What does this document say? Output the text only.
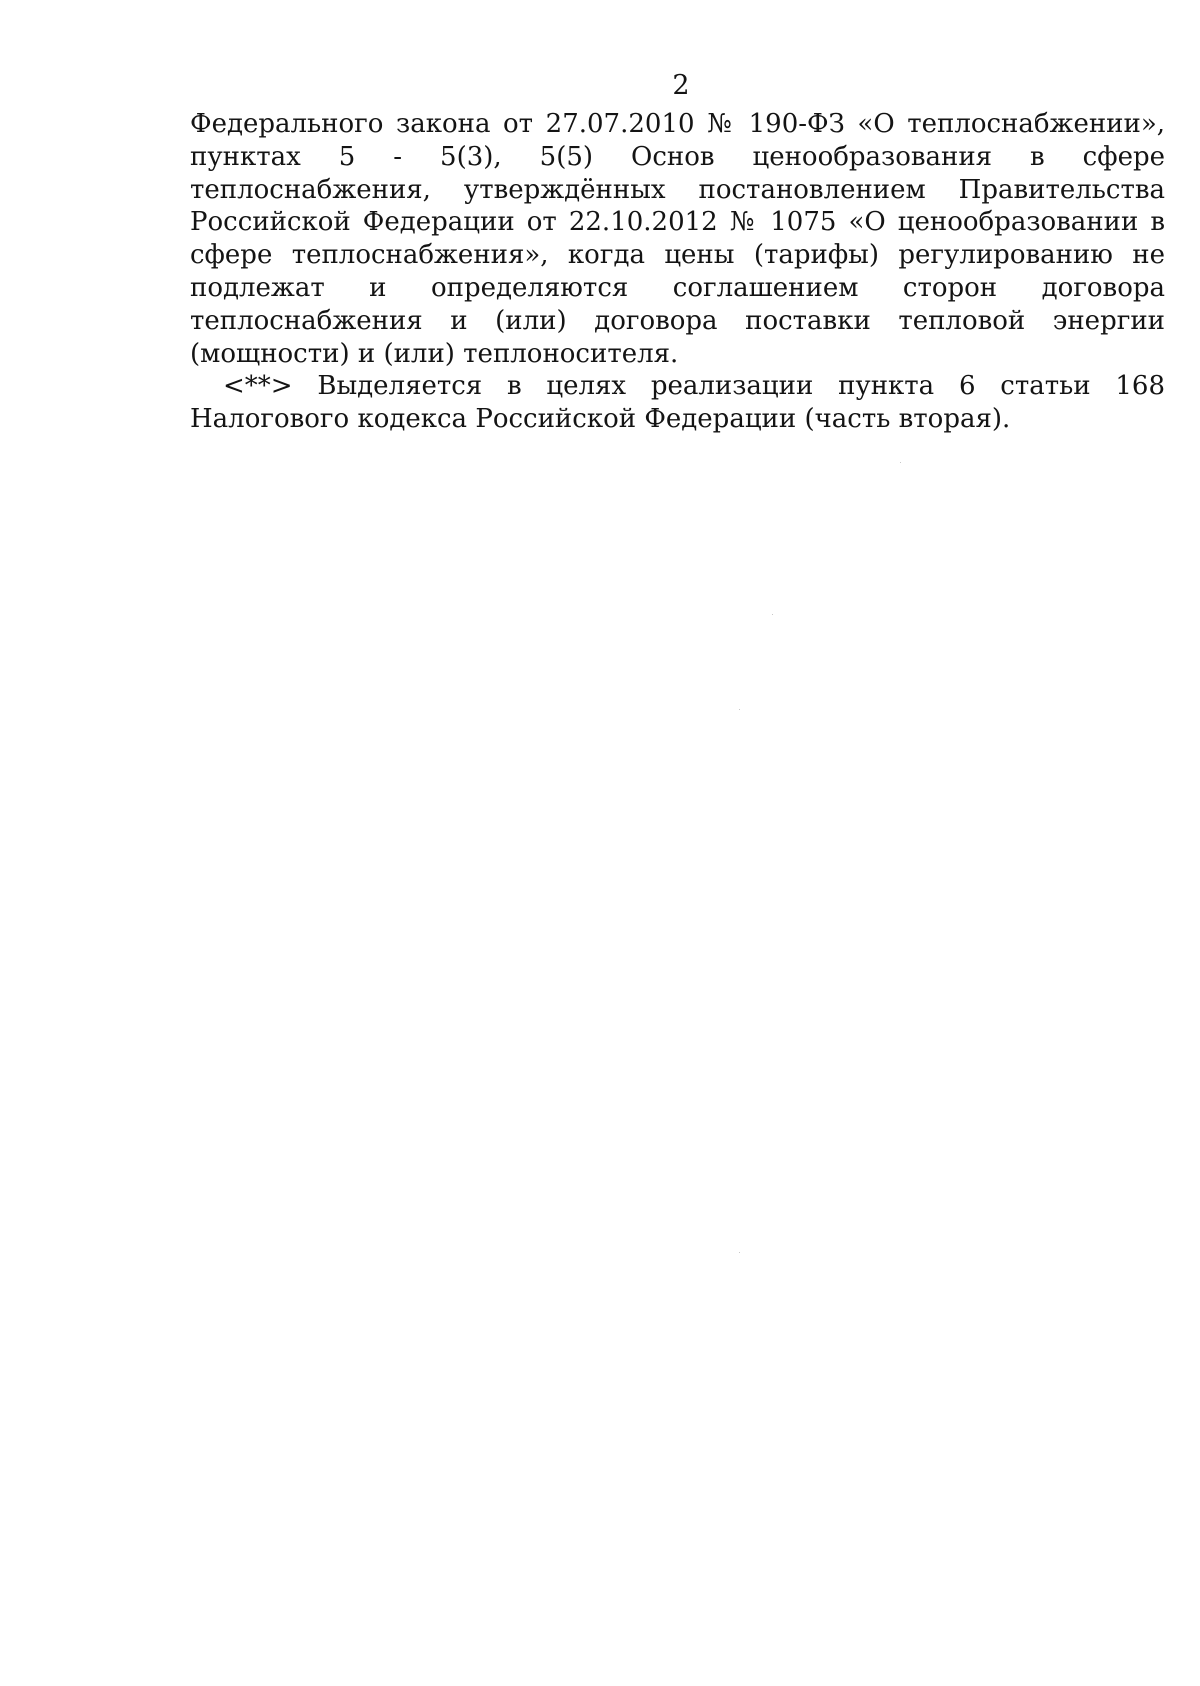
2

Федерального закона от 27.07.2010 № 190-ФЗ «О теплоснабжении», пунктах 5 - 5(3), 5(5) Основ ценообразования в сфере теплоснабжения, утверждённых постановлением Правительства Российской Федерации от 22.10.2012 № 1075 «О ценообразовании в сфере теплоснабжения», когда цены (тарифы) регулированию не подлежат и определяются соглашением сторон договора теплоснабжения и (или) договора поставки тепловой энергии (мощности) и (или) теплоносителя.

<**> Выделяется в целях реализации пункта 6 статьи 168 Налогового кодекса Российской Федерации (часть вторая).
